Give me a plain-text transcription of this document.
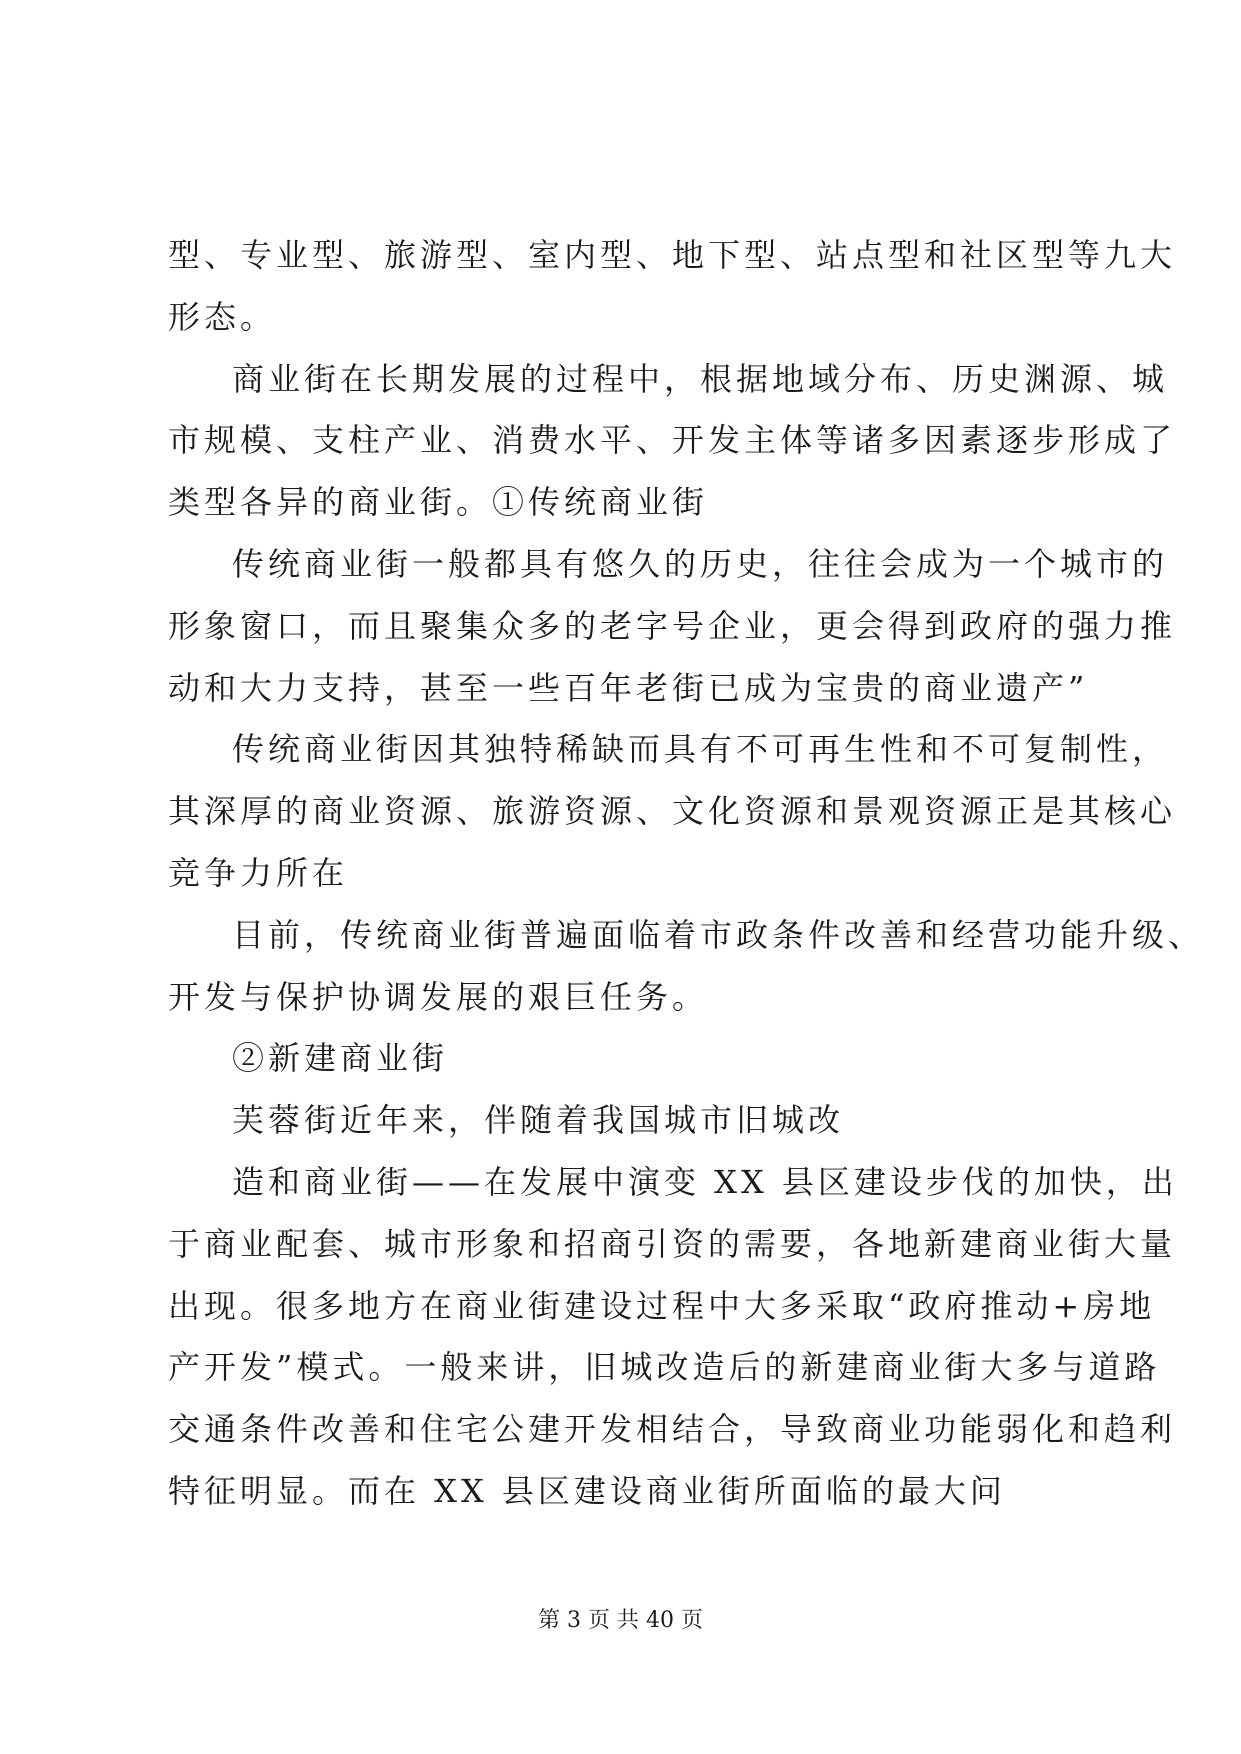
型、专业型、旅游型、室内型、地下型、站点型和社区型等九大
形态。
商业街在长期发展的过程中，根据地域分布、历史渊源、城
市规模、支柱产业、消费水平、开发主体等诸多因素逐步形成了
类型各异的商业街。①传统商业街
传统商业街一般都具有悠久的历史，往往会成为一个城市的
形象窗口，而且聚集众多的老字号企业，更会得到政府的强力推
动和大力支持，甚至一些百年老街已成为宝贵的商业遗产”
传统商业街因其独特稀缺而具有不可再生性和不可复制性，
其深厚的商业资源、旅游资源、文化资源和景观资源正是其核心
竞争力所在
目前，传统商业街普遍面临着市政条件改善和经营功能升级、
开发与保护协调发展的艰巨任务。
②新建商业街
芙蓉街近年来，伴随着我国城市旧城改
造和商业街——在发展中演变 XX 县区建设步伐的加快，出
于商业配套、城市形象和招商引资的需要，各地新建商业街大量
出现。很多地方在商业街建设过程中大多采取“政府推动+房地
产开发”模式。一般来讲，旧城改造后的新建商业街大多与道路
交通条件改善和住宅公建开发相结合，导致商业功能弱化和趋利
特征明显。而在 XX 县区建设商业街所面临的最大问
第 3 页 共 40 页
